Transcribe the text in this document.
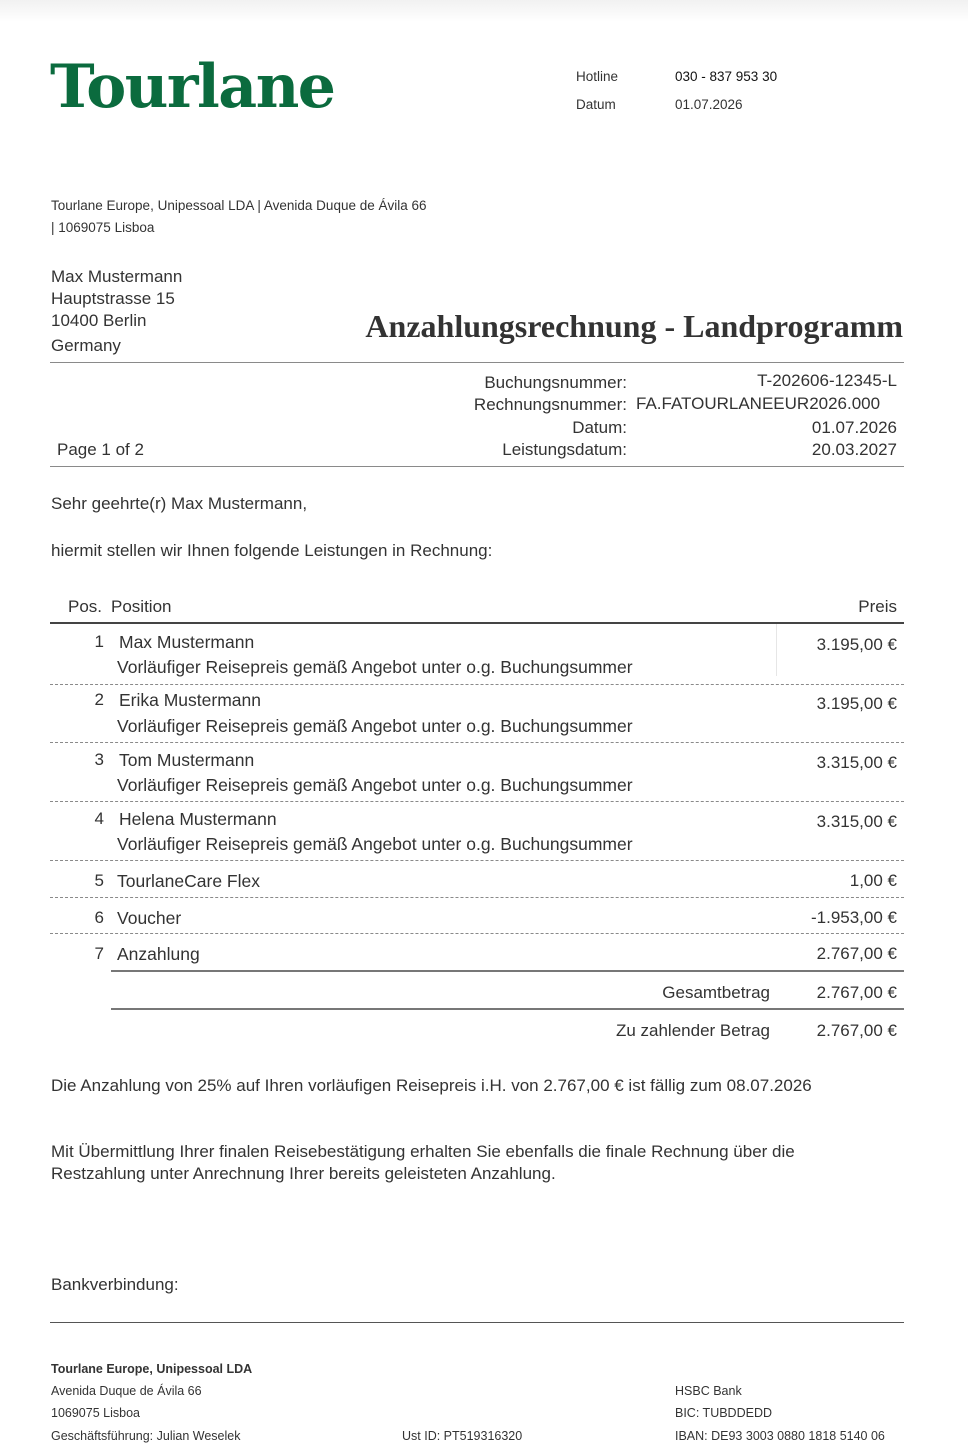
Tourlane	Hotline	030 - 837 953 30
Datum	01.07.2026
Tourlane Europe, Unipessoal LDA | Avenida Duque de Ávila 66
| 1069075 Lisboa
Max Mustermann
Hauptstrasse 15
10400 Berlin
Germany
Anzahlungsrechnung - Landprogramm
Buchungsnummer:	T-202606-12345-L
Rechnungsnummer: FA.FATOURLANEEUR2026.000
Datum:	01.07.2026
Page 1 of 2	Leistungsdatum:	20.03.2027
Sehr geehrte(r) Max Mustermann,
hiermit stellen wir Ihnen folgende Leistungen in Rechnung:
Pos. Position	Preis
1 Max Mustermann
Vorläufiger Reisepreis gemäß Angebot unter o.g. Buchungsummer
3.195,00 €
2 Erika Mustermann
Vorläufiger Reisepreis gemäß Angebot unter o.g. Buchungsummer
3.195,00 €
3 Tom Mustermann
Vorläufiger Reisepreis gemäß Angebot unter o.g. Buchungsummer
3.315,00 €
4 Helena Mustermann
Vorläufiger Reisepreis gemäß Angebot unter o.g. Buchungsummer
3.315,00 €
5 TourlaneCare Flex	1,00 €
6 Voucher	-1.953,00 €
7 Anzahlung	2.767,00 €
Gesamtbetrag	2.767,00 €
Zu zahlender Betrag	2.767,00 €
Die Anzahlung von 25% auf Ihren vorläufigen Reisepreis i.H. von 2.767,00 € ist fällig zum 08.07.2026
Mit Übermittlung Ihrer finalen Reisebestätigung erhalten Sie ebenfalls die finale Rechnung über die
Restzahlung unter Anrechnung Ihrer bereits geleisteten Anzahlung.
Bankverbindung:
Tourlane Europe, Unipessoal LDA
Avenida Duque de Ávila 66
1069075 Lisboa
Geschäftsführung: Julian Weselek	Ust ID: PT519316320
HSBC Bank
BIC: TUBDDEDD
IBAN: DE93 3003 0880 1818 5140 06
